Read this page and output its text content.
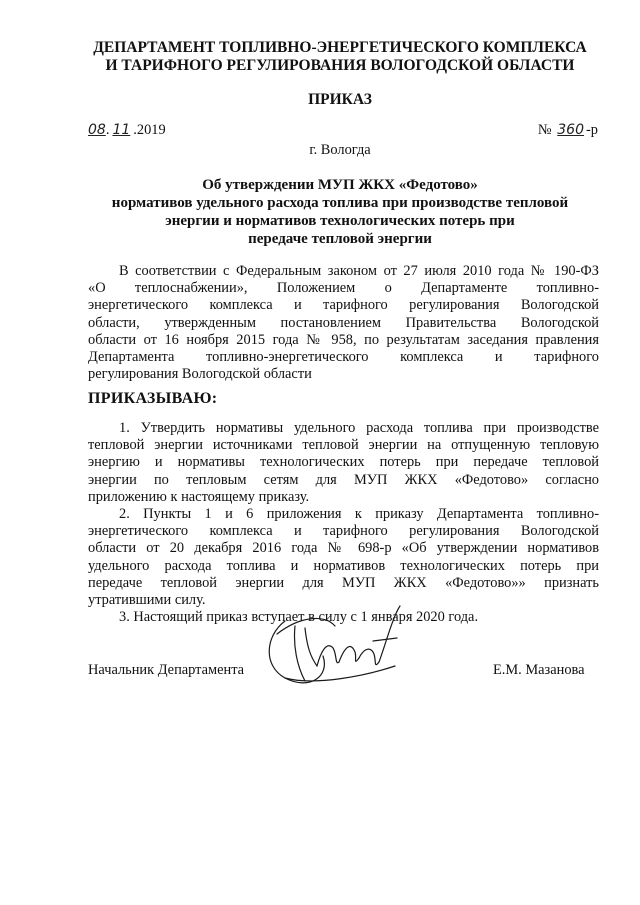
ДЕПАРТАМЕНТ ТОПЛИВНО-ЭНЕРГЕТИЧЕСКОГО КОМПЛЕКСА
И ТАРИФНОГО РЕГУЛИРОВАНИЯ ВОЛОГОДСКОЙ ОБЛАСТИ
ПРИКАЗ
08. 11 .2019	№ 360 -р
г. Вологда
Об утверждении МУП ЖКХ «Федотово»
нормативов удельного расхода топлива при производстве тепловой
энергии и нормативов технологических потерь при
передаче тепловой энергии

В соответствии с Федеральным законом от 27 июля 2010 года № 190-ФЗ

«О теплоснабжении», Положением о Департаменте топливно-

энергетического комплекса и тарифного регулирования Вологодской

области, утвержденным постановлением Правительства Вологодской

области от 16 ноября 2015 года № 958, по результатам заседания правления

Департамента топливно-энергетического комплекса и тарифного

регулирования Вологодской области

ПРИКАЗЫВАЮ:

1. Утвердить нормативы удельного расхода топлива при производстве

тепловой энергии источниками тепловой энергии на отпущенную тепловую

энергию и нормативы технологических потерь при передаче тепловой

энергии по тепловым сетям для МУП ЖКХ «Федотово» согласно

приложению к настоящему приказу.

2. Пункты 1 и 6 приложения к приказу Департамента топливно-

энергетического комплекса и тарифного регулирования Вологодской

области от 20 декабря 2016 года № 698-р «Об утверждении нормативов

удельного расхода топлива и нормативов технологических потерь при

передаче тепловой энергии для МУП ЖКХ «Федотово»» признать

утратившими силу.

3. Настоящий приказ вступает в силу с 1 января 2020 года.

Начальник Департамента	Е.М. Мазанова
